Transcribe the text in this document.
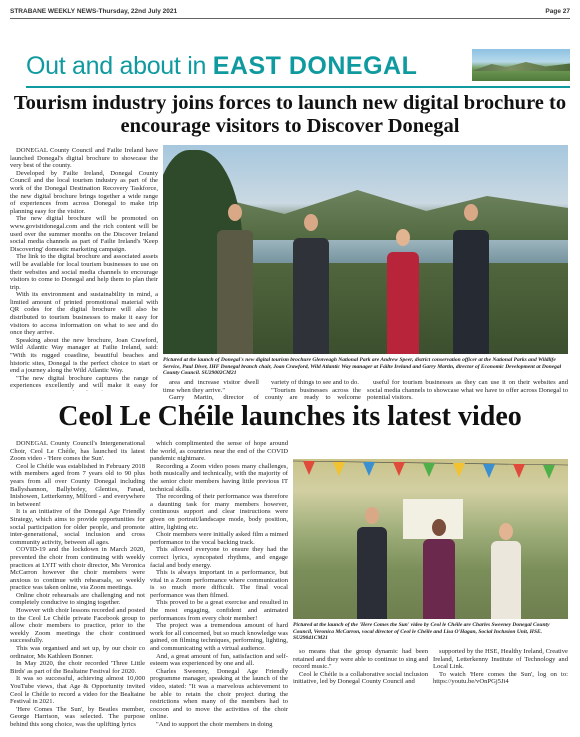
STRABANE WEEKLY NEWS-Thursday, 22nd July 2021	Page 27
Out and about in EAST DONEGAL
Tourism industry joins forces to launch new digital brochure to encourage visitors to Discover Donegal

DONEGAL County Council and Failte Ireland have launched Donegal's digital brochure to showcase the very best of the county.

Developed by Failte Ireland, Donegal County Council and the local tourism industry as part of the work of the Donegal Destination Recovery Taskforce, the new digital brochure brings together a wide range of experiences from across Donegal to make trip planning easy for the visitor.

The new digital brochure will be promoted on www.govisitdonegal.com and the rich content will be used over the summer months on the Discover Ireland social media channels as part of Failte Ireland's 'Keep Discovering' domestic marketing campaign.

The link to the digital brochure and associated assets will be available for local tourism businesses to use on their websites and social media channels to encourage visitors to come to Donegal and help them to plan their trip.

With its environment and sustainability in mind, a limited amount of printed promotional material with QR codes for the digital brochure will also be distributed to tourism businesses to make it easy for visitors to access information on what to see and do once they arrive.

Speaking about the new brochure, Joan Crawford, Wild Atlantic Way manager at Failte Ireland, said: "With its rugged coastline, beautiful beaches and historic sites, Donegal is the perfect choice to start or end a journey along the Wild Atlantic Way.

"The new digital brochure captures the range of experiences excellently and will make it easy for

Pictured at the launch of Donegal's new digital tourism brochure Glenveagh National Park are Andrew Speer, district conservation officer at the National Parks and Wildlife Service, Paul Diver, IHF Donegal branch chair, Joan Crawford, Wild Atlantic Way manager at Fáilte Ireland and Garry Martin, director of Economic Development at Donegal County Council. SU29002CM21

area and increase visitor dwell time when they arrive."

Garry Martin, director of

variety of things to see and to do.

"Tourism businesses across the county are ready to welcome

useful for tourism businesses as they can use it on their websites and social media channels to showcase what we have to offer across Donegal to potential visitors.

Ceol Le Chéile launches its latest video

DONEGAL County Council's Intergenerational Choir, Ceol Le Chéile, has launched its latest Zoom video - 'Here comes the Sun'.

Ceol le Chéile was established in February 2018 with members aged from 7 years old to 90 plus years from all over County Donegal including Ballyshannon, Ballybofey, Glenties, Fanad, Inishowen, Letterkenny, Milford - and everywhere in between!

It is an initiative of the Donegal Age Friendly Strategy, which aims to provide opportunities for social participation for older people, and promote inter-generational, social inclusion and cross community activity, between all ages.

COVID-19 and the lockdown in March 2020, prevented the choir from continuing with weekly practices at LYIT with choir director, Ms Veronica McCarron however the choir members were anxious to continue with rehearsals, so weekly practice was taken online, via Zoom meetings.

Online choir rehearsals are challenging and not completely conducive to singing together.

However with choir lessons recorded and posted to the Ceol Le Chéile private Facebook group to allow choir members to practice, prior to the weekly Zoom meetings the choir continued successfully.

This was organised and set up, by our choir co ordinator, Ms Kathleen Bonner.

In May 2020, the choir recorded 'Three Little Birds' as part of the Bealtaine Festival for 2020.

It was so successful, achieving almost 10,000 YouTube views, that Age & Opportunity invited Ceol le Chéile to record a video for the Bealtaine Festival in 2021.

'Here Comes The Sun', by Beatles member, George Harrison, was selected. The purpose behind this song choice, was the uplifting lyrics

which complimented the sense of hope around the world, as countries near the end of the COVID pandemic nightmare.

Recording a Zoom video poses many challenges, both musically and technically, with the majority of the senior choir members having little previous IT technical skills.

The recording of their performance was therefore a daunting task for many members however, continuous support and clear instructions were given on portrait/landscape mode, body position, attire, lighting etc.

Choir members were initially asked film a mimed performance to the vocal backing track.

This allowed everyone to ensure they had the correct lyrics, syncopated rhythms, and engage facial and body energy.

This is always important in a performance, but vital in a Zoom performance where communication is so much more difficult. The final vocal performance was then filmed.

This proved to be a great exercise and resulted in the most engaging, confident and animated performances from every choir member!

The project was a tremendous amount of hard work for all concerned, but so much knowledge was gained, on filming techniques, performing, lighting, and communicating with a virtual audience.

And, a great amount of fun, satisfaction and self-esteem was experienced by one and all.

Charles Sweeney, Donegal Age Friendly programme manager, speaking at the launch of the video, stated: "It was a marvelous achievement to be able to retain the choir project during the restrictions when many of the members had to cocoon and to move the activities of the choir online.

"And to support the choir members in doing

Pictured at the launch of the 'Here Comes the Sun' video by Ceol le Chéile are Charles Sweeney Donegal County Council, Veronica McCarron, vocal director of Ceol le Chéile and Lisa O'Hagan, Social Inclusion Unit, HSE. SU29041CM21

so means that the group dynamic had been retained and they were able to continue to sing and record music."

Ceol le Chéile is a collaborative social inclusion initiative, led by Donegal County Council and

supported by the HSE, Healthy Ireland, Creative Ireland, Letterkenny Institute of Technology and Local Link.

To watch 'Here comes the Sun', log on to: https://youtu.be/vOnPGj5Ji4
